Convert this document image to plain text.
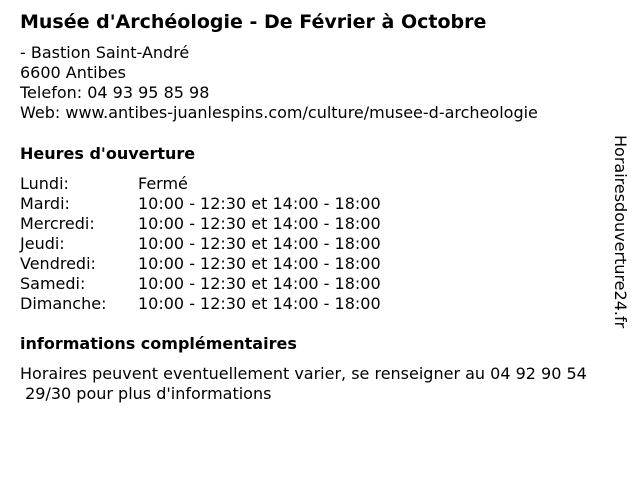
Musée d'Archéologie - De Février à Octobre
- Bastion Saint-André
6600 Antibes
Telefon: 04 93 95 85 98
Web: www.antibes-juanlespins.com/culture/musee-d-archeologie
Heures d'ouverture
Lundi:	Fermé
Mardi:	10:00 - 12:30 et 14:00 - 18:00
Mercredi:	10:00 - 12:30 et 14:00 - 18:00
Jeudi:	10:00 - 12:30 et 14:00 - 18:00
Vendredi:	10:00 - 12:30 et 14:00 - 18:00
Samedi:	10:00 - 12:30 et 14:00 - 18:00
Dimanche:	10:00 - 12:30 et 14:00 - 18:00
informations complémentaires
Horaires peuvent eventuellement varier, se renseigner au 04 92 90 54
29/30 pour plus d'informations
Horairesdouverture24.fr
